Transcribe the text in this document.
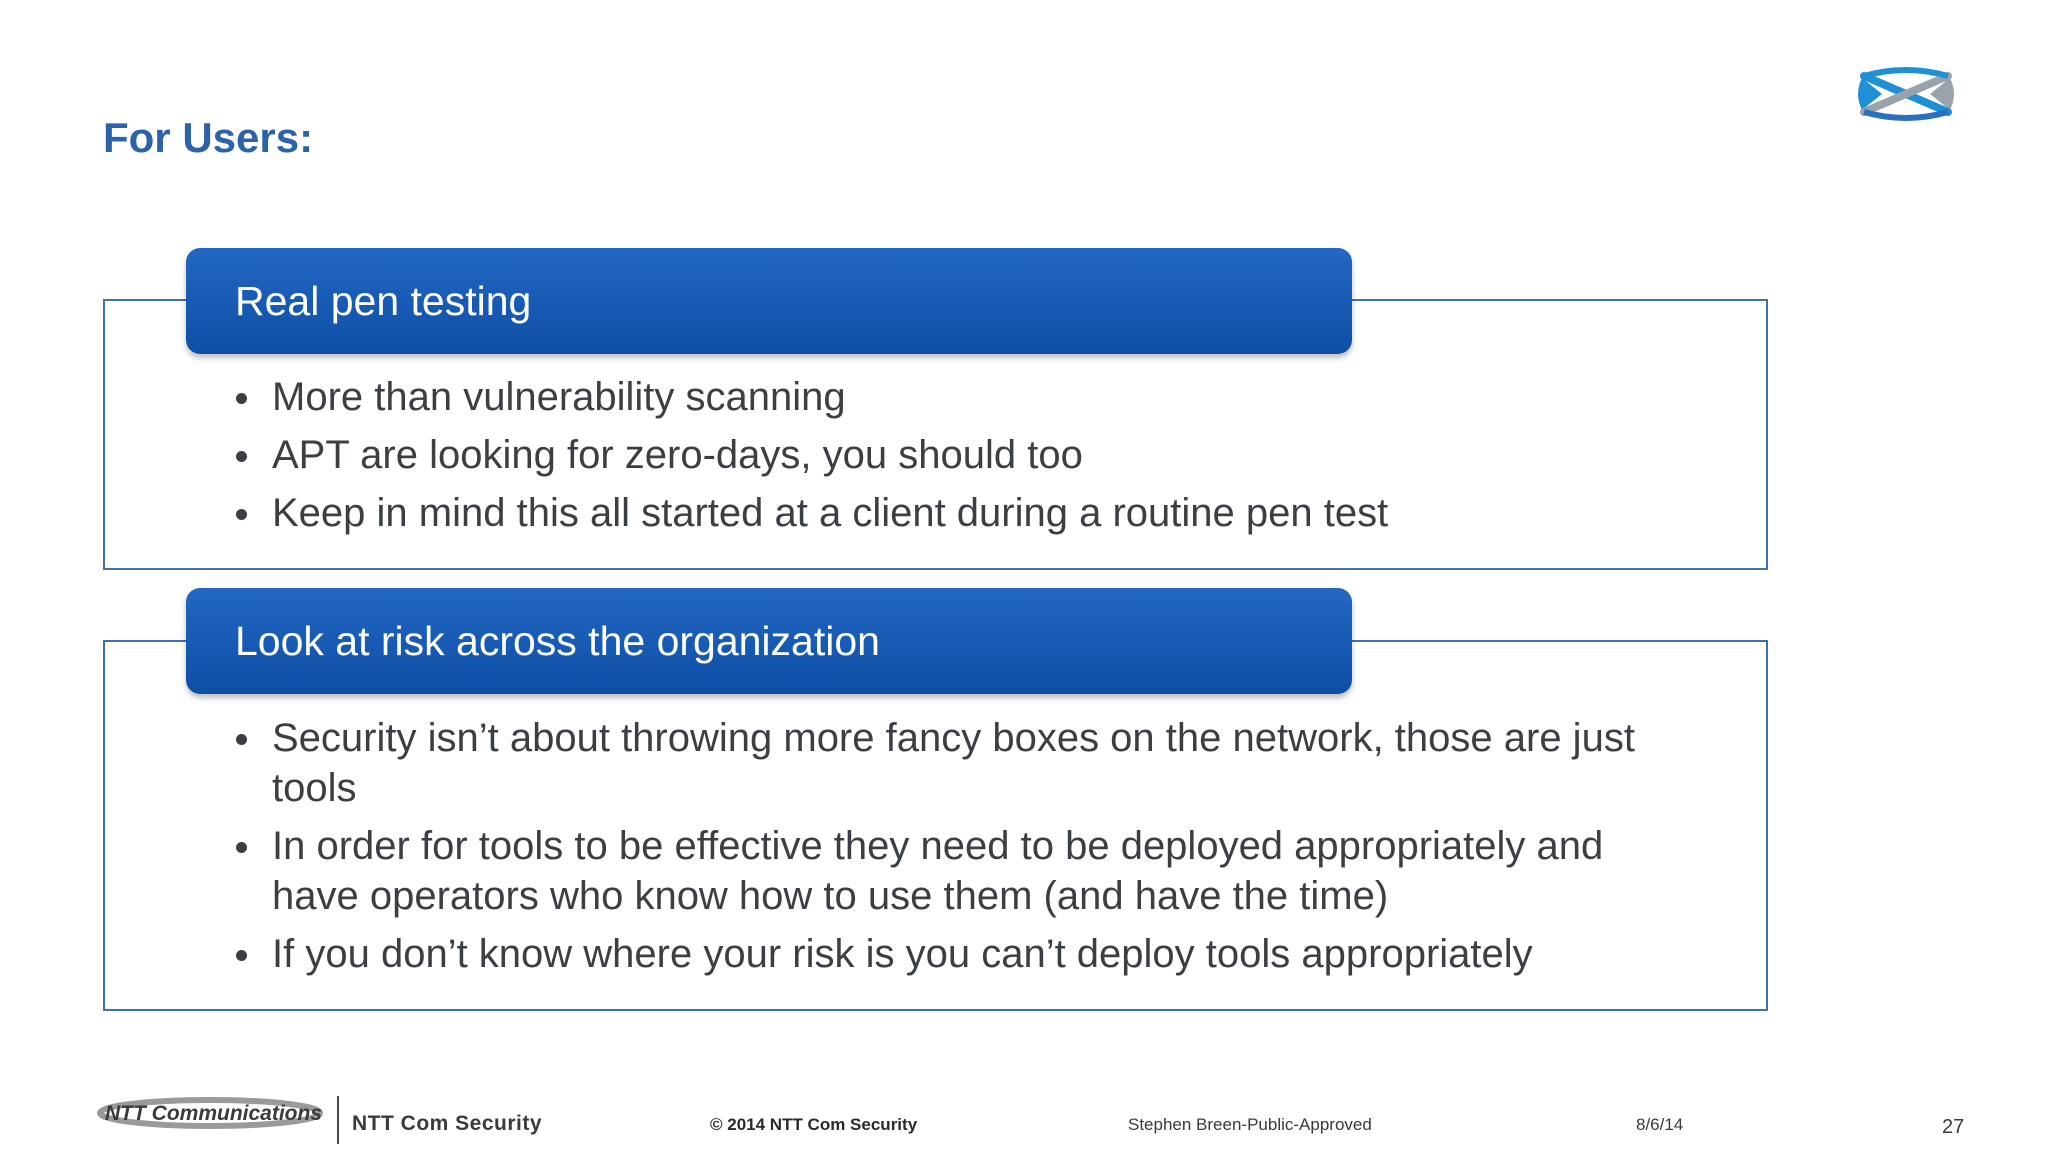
For Users:
Real pen testing
More than vulnerability scanning
APT are looking for zero-days, you should too
Keep in mind this all started at a client during a routine pen test
Look at risk across the organization
Security isn’t about throwing more fancy boxes on the network, those are just tools
In order for tools to be effective they need to be deployed appropriately and have operators who know how to use them (and have the time)
If you don’t know where your risk is you can’t deploy tools appropriately
NTT Communications NTT Com Security	© 2014 NTT Com Security	Stephen Breen-Public-Approved	8/6/14	27
